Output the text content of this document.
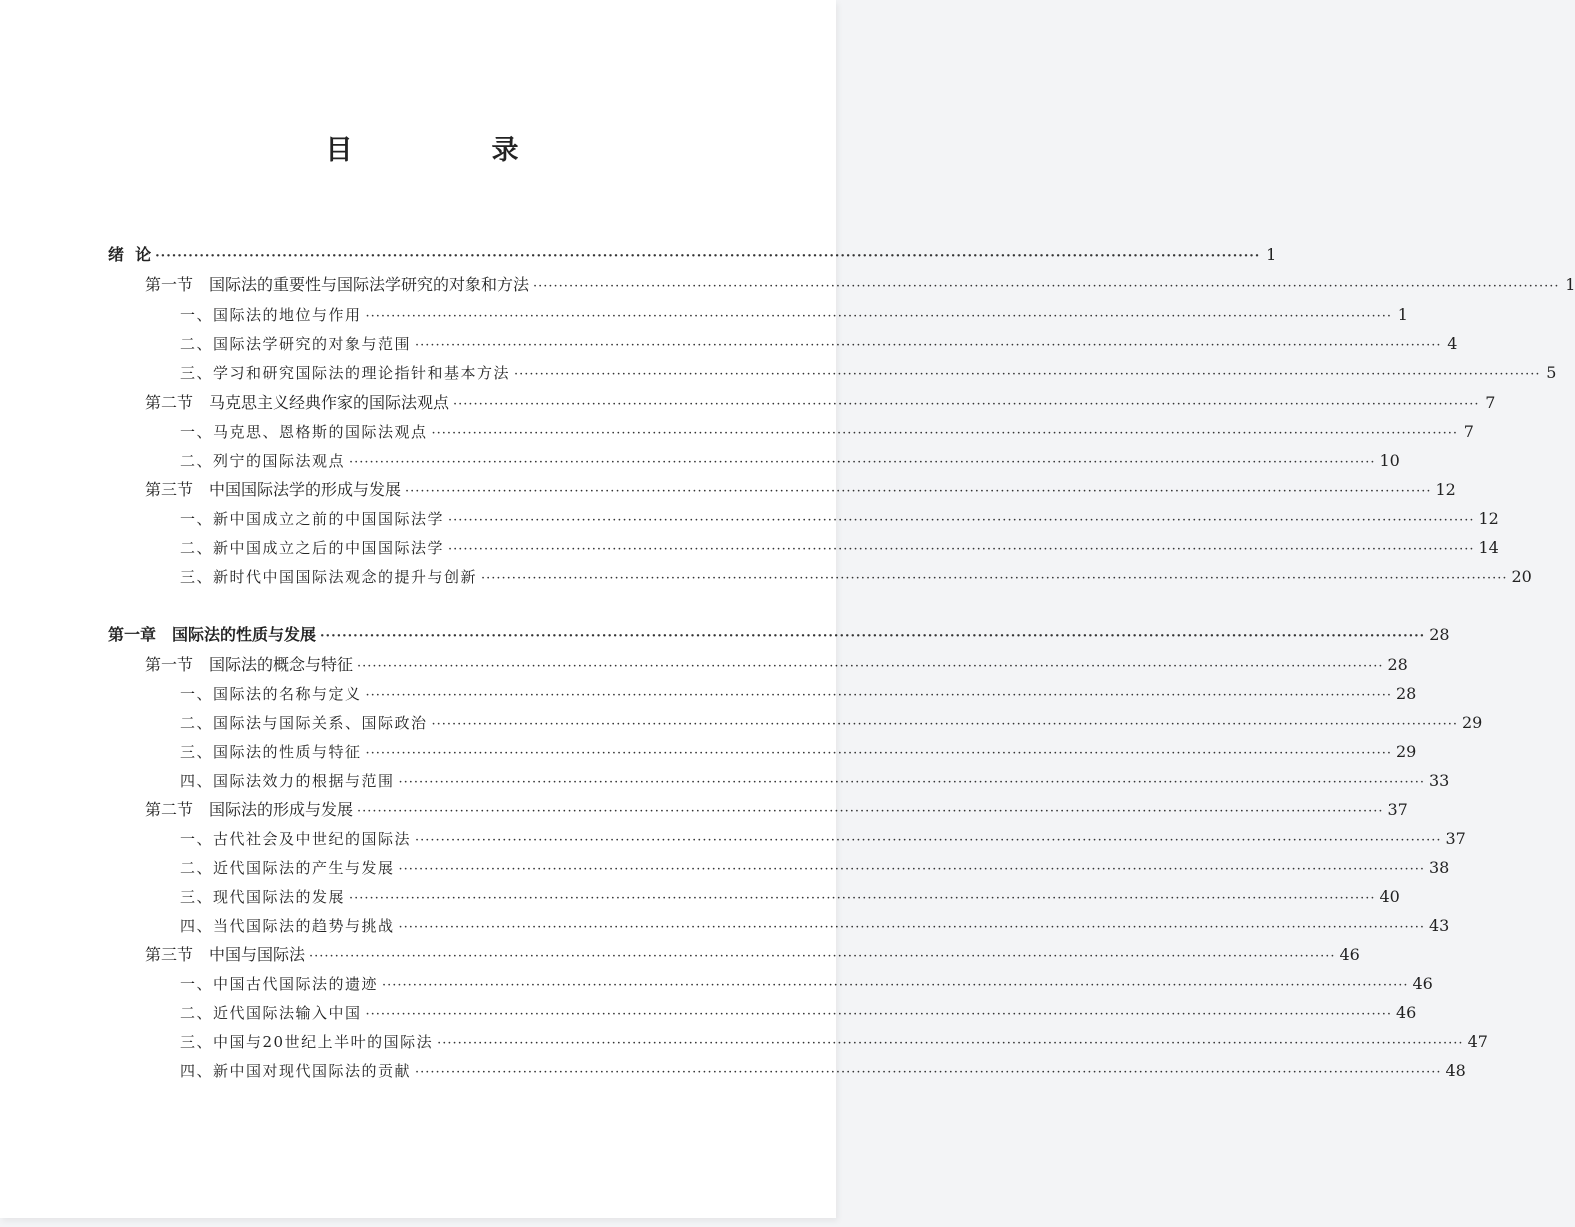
目　录
绪  论 ········································································································································································································ 1
第一节　国际法的重要性与国际法学研究的对象和方法 ········································································································································································································ 1
一、国际法的地位与作用 ········································································································································································································ 1
二、国际法学研究的对象与范围 ········································································································································································································ 4
三、学习和研究国际法的理论指针和基本方法 ········································································································································································································ 5
第二节　马克思主义经典作家的国际法观点 ········································································································································································································ 7
一、马克思、恩格斯的国际法观点 ········································································································································································································ 7
二、列宁的国际法观点 ········································································································································································································ 10
第三节　中国国际法学的形成与发展 ········································································································································································································ 12
一、新中国成立之前的中国国际法学 ········································································································································································································ 12
二、新中国成立之后的中国国际法学 ········································································································································································································ 14
三、新时代中国国际法观念的提升与创新 ········································································································································································································ 20
第一章　国际法的性质与发展 ········································································································································································································ 28
第一节　国际法的概念与特征 ········································································································································································································ 28
一、国际法的名称与定义 ········································································································································································································ 28
二、国际法与国际关系、国际政治 ········································································································································································································ 29
三、国际法的性质与特征 ········································································································································································································ 29
四、国际法效力的根据与范围 ········································································································································································································ 33
第二节　国际法的形成与发展 ········································································································································································································ 37
一、古代社会及中世纪的国际法 ········································································································································································································ 37
二、近代国际法的产生与发展 ········································································································································································································ 38
三、现代国际法的发展 ········································································································································································································ 40
四、当代国际法的趋势与挑战 ········································································································································································································ 43
第三节　中国与国际法 ········································································································································································································ 46
一、中国古代国际法的遗迹 ········································································································································································································ 46
二、近代国际法输入中国 ········································································································································································································ 46
三、中国与20世纪上半叶的国际法 ········································································································································································································ 47
四、新中国对现代国际法的贡献 ········································································································································································································ 48
